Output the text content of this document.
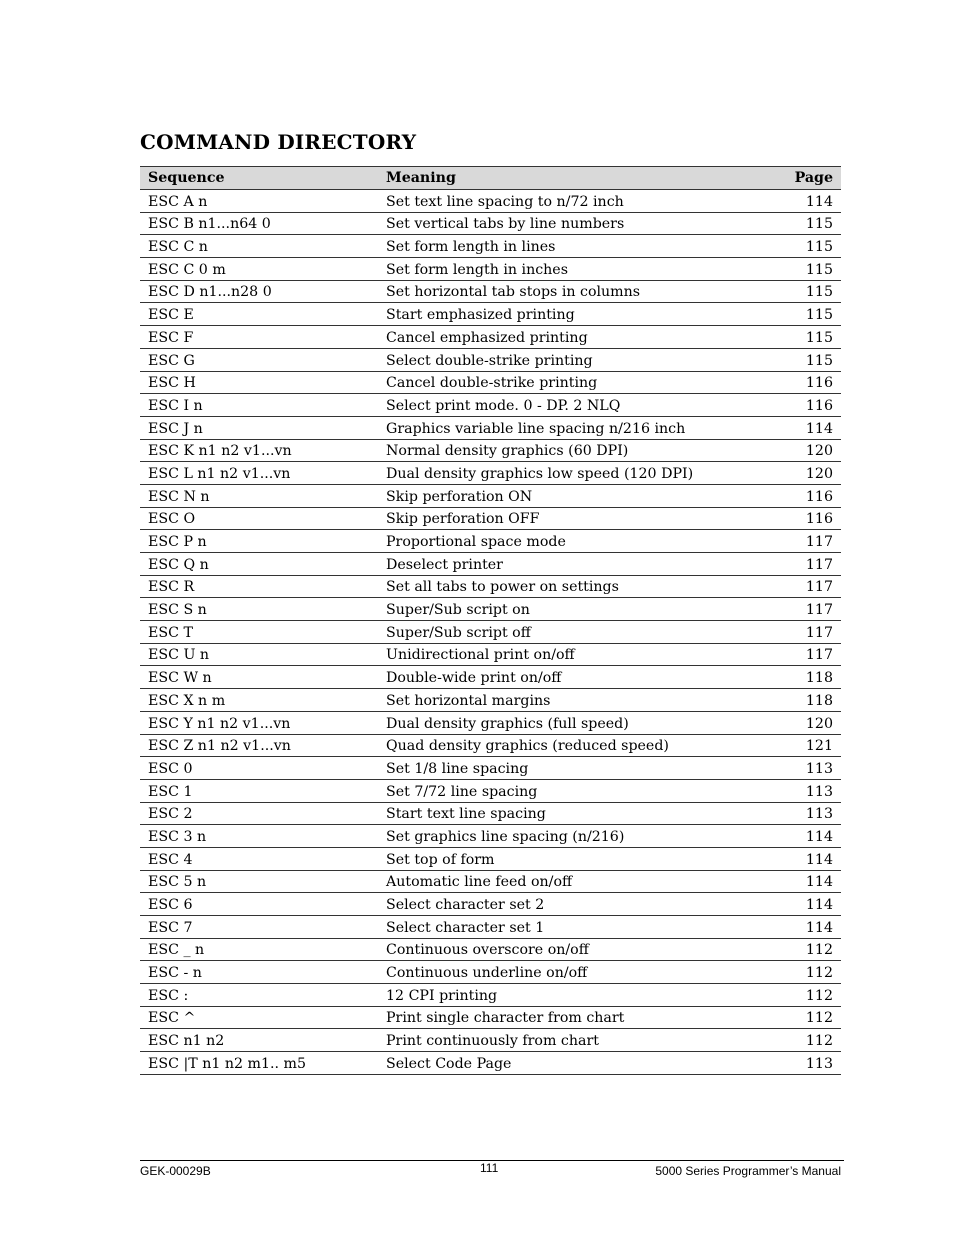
COMMAND DIRECTORY
Sequence	Meaning	Page
ESC A n	Set text line spacing to n/72 inch	114
ESC B n1...n64 0	Set vertical tabs by line numbers	115
ESC C n	Set form length in lines	115
ESC C 0 m	Set form length in inches	115
ESC D n1...n28 0	Set horizontal tab stops in columns	115
ESC E	Start emphasized printing	115
ESC F	Cancel emphasized printing	115
ESC G	Select double-strike printing	115
ESC H	Cancel double-strike printing	116
ESC I n	Select print mode. 0 - DP. 2 NLQ	116
ESC J n	Graphics variable line spacing n/216 inch	114
ESC K n1 n2 v1...vn	Normal density graphics (60 DPI)	120
ESC L n1 n2 v1...vn	Dual density graphics low speed (120 DPI)	120
ESC N n	Skip perforation ON	116
ESC O	Skip perforation OFF	116
ESC P n	Proportional space mode	117
ESC Q n	Deselect printer	117
ESC R	Set all tabs to power on settings	117
ESC S n	Super/Sub script on	117
ESC T	Super/Sub script off	117
ESC U n	Unidirectional print on/off	117
ESC W n	Double-wide print on/off	118
ESC X n m	Set horizontal margins	118
ESC Y n1 n2 v1...vn	Dual density graphics (full speed)	120
ESC Z n1 n2 v1...vn	Quad density graphics (reduced speed)	121
ESC 0	Set 1/8 line spacing	113
ESC 1	Set 7/72 line spacing	113
ESC 2	Start text line spacing	113
ESC 3 n	Set graphics line spacing (n/216)	114
ESC 4	Set top of form	114
ESC 5 n	Automatic line feed on/off	114
ESC 6	Select character set 2	114
ESC 7	Select character set 1	114
ESC _ n	Continuous overscore on/off	112
ESC - n	Continuous underline on/off	112
ESC :	12 CPI printing	112
ESC ^	Print single character from chart	112
ESC n1 n2	Print continuously from chart	112
ESC |T n1 n2 m1.. m5	Select Code Page	113
GEK-00029B	111	5000 Series Programmer’s Manual
